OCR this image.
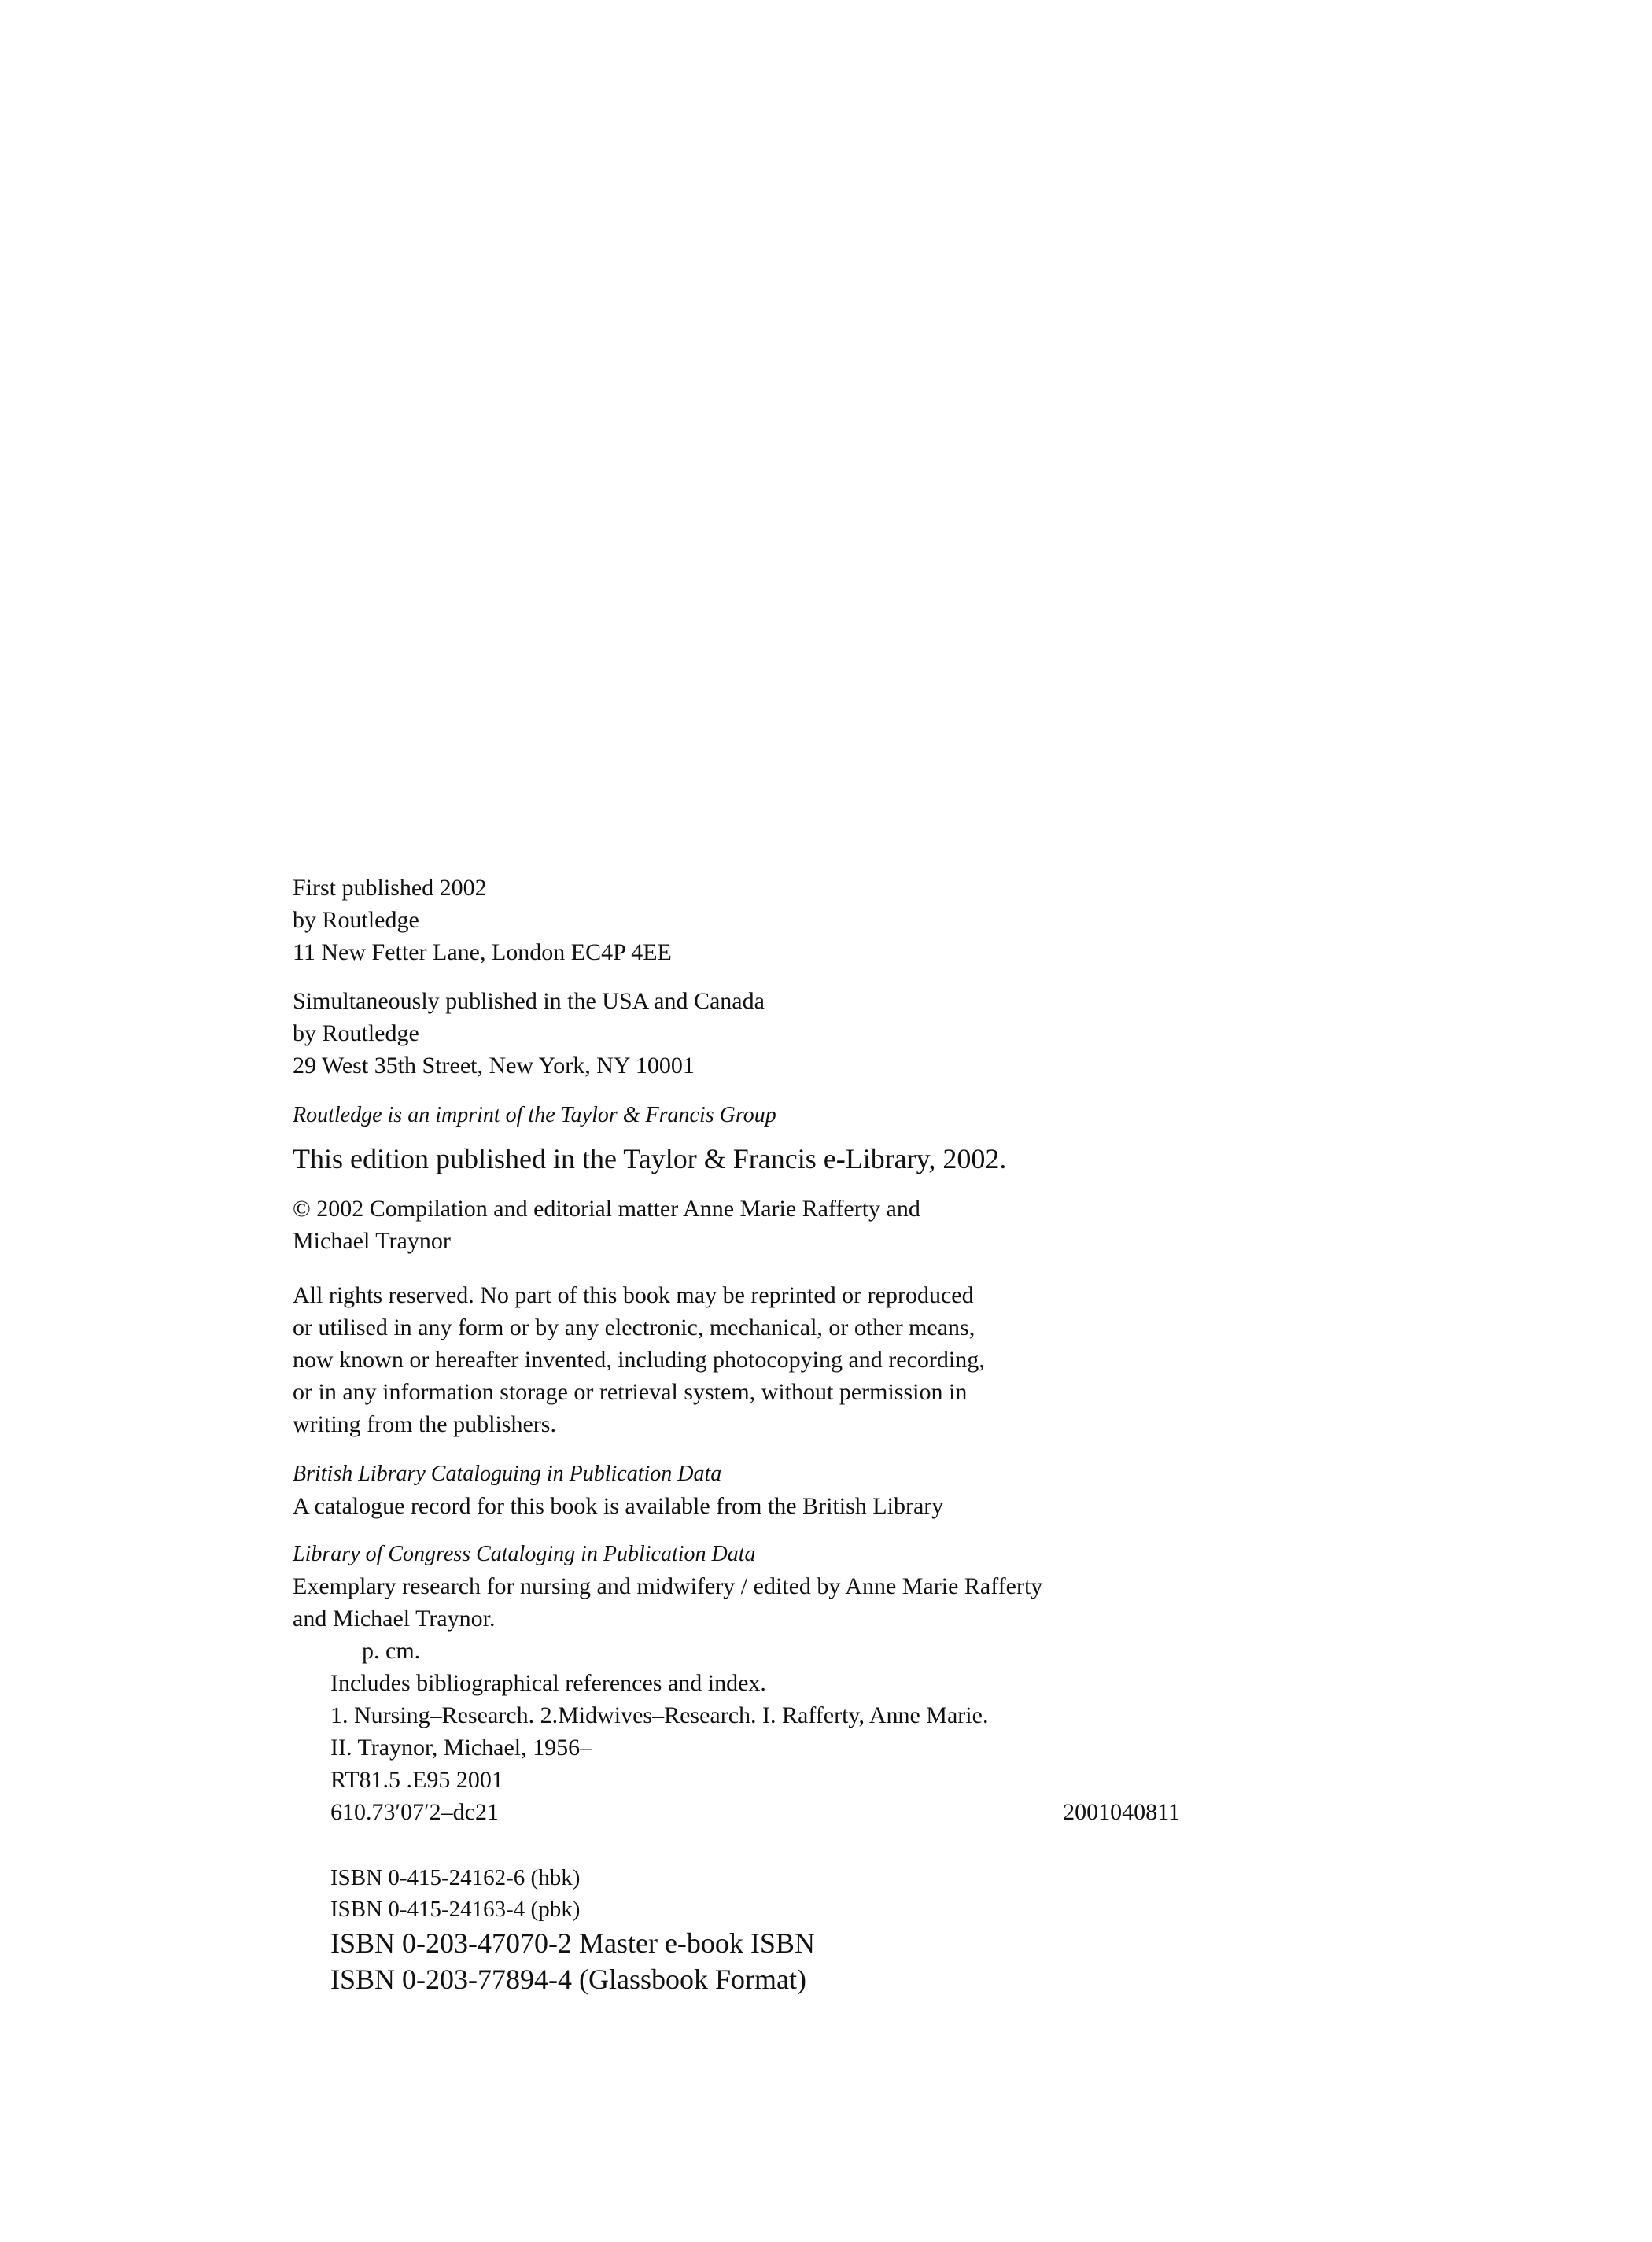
First published 2002
by Routledge
11 New Fetter Lane, London EC4P 4EE
Simultaneously published in the USA and Canada
by Routledge
29 West 35th Street, New York, NY 10001
Routledge is an imprint of the Taylor & Francis Group
This edition published in the Taylor & Francis e-Library, 2002.
© 2002 Compilation and editorial matter Anne Marie Rafferty and
Michael Traynor
All rights reserved. No part of this book may be reprinted or reproduced
or utilised in any form or by any electronic, mechanical, or other means,
now known or hereafter invented, including photocopying and recording,
or in any information storage or retrieval system, without permission in
writing from the publishers.
British Library Cataloguing in Publication Data
A catalogue record for this book is available from the British Library
Library of Congress Cataloging in Publication Data
Exemplary research for nursing and midwifery / edited by Anne Marie Rafferty
and Michael Traynor.
p. cm.
Includes bibliographical references and index.
1. Nursing–Research. 2.Midwives–Research. I. Rafferty, Anne Marie.
II. Traynor, Michael, 1956–
RT81.5 .E95 2001
610.73′07′2–dc21	2001040811
ISBN 0-415-24162-6 (hbk)
ISBN 0-415-24163-4 (pbk)
ISBN 0-203-47070-2 Master e-book ISBN
ISBN 0-203-77894-4 (Glassbook Format)
